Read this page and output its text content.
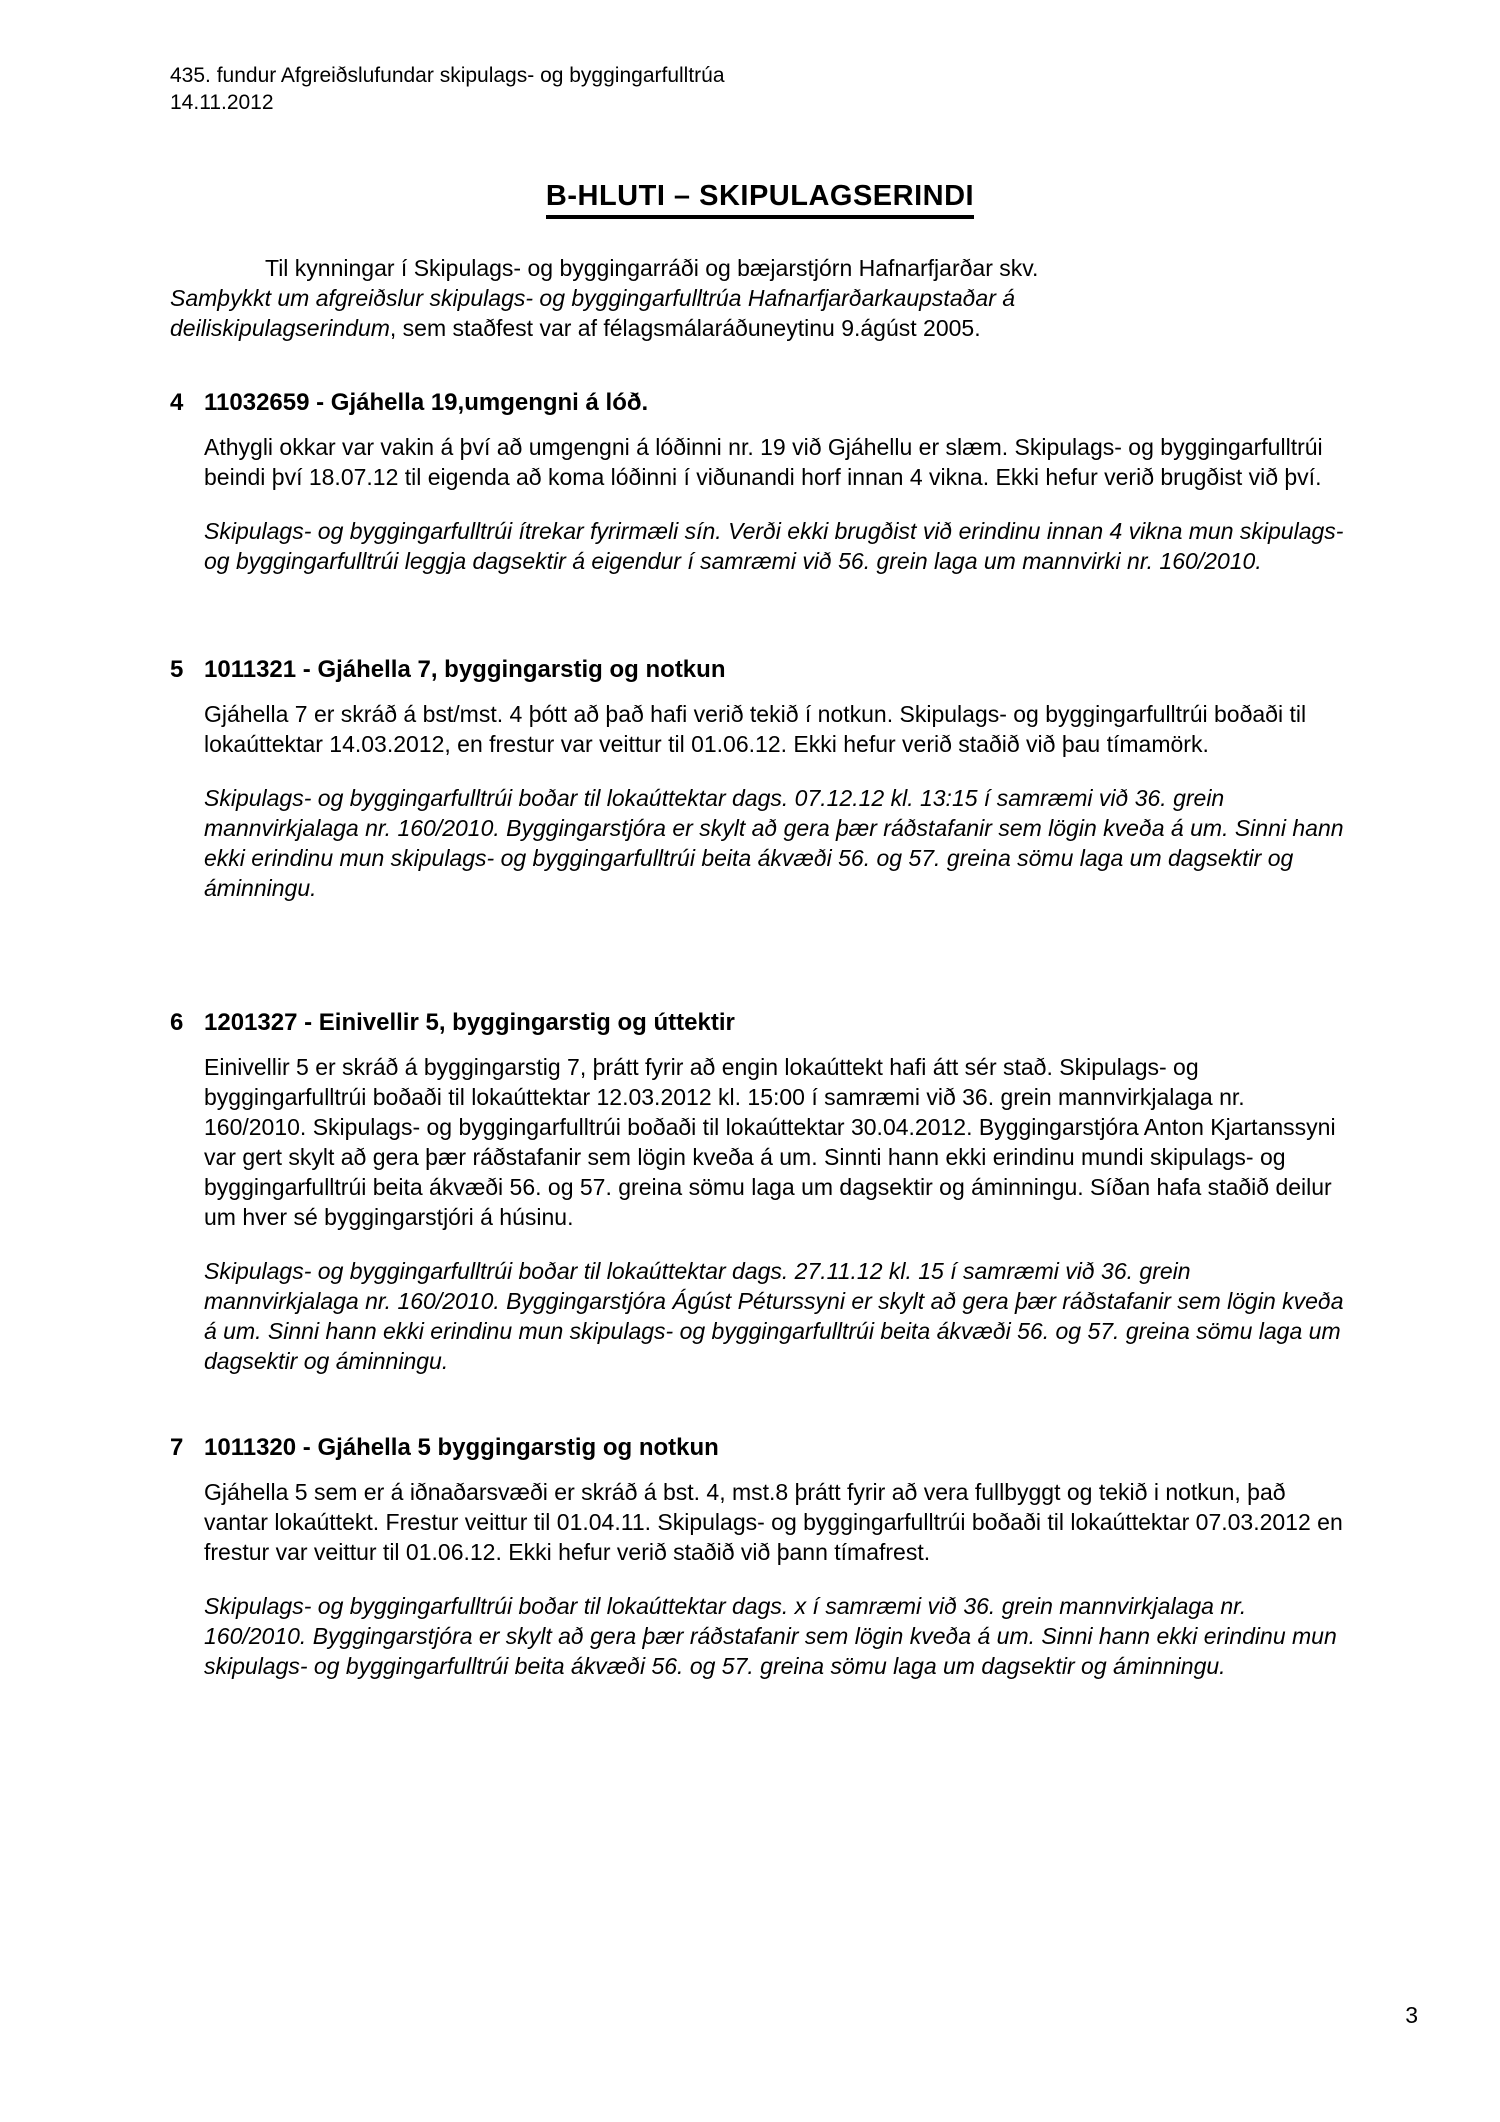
435. fundur Afgreiðslufundar skipulags- og byggingarfulltrúa
14.11.2012
B-HLUTI – SKIPULAGSERINDI
Til kynningar í Skipulags- og byggingarráði og bæjarstjórn Hafnarfjarðar skv.
Samþykkt um afgreiðslur skipulags- og byggingarfulltrúa Hafnarfjarðarkaupstaðar á deiliskipulagserindum, sem staðfest var af félagsmálaráðuneytinu 9.ágúst 2005.
4 11032659 - Gjáhella 19,umgengni á lóð.
Athygli okkar var vakin á því að umgengni á lóðinni nr. 19 við Gjáhellu er slæm. Skipulags- og byggingarfulltrúi beindi því 18.07.12 til eigenda að koma lóðinni í viðunandi horf innan 4 vikna. Ekki hefur verið brugðist við því.
Skipulags- og byggingarfulltrúi ítrekar fyrirmæli sín. Verði ekki brugðist við erindinu innan 4 vikna mun skipulags- og byggingarfulltrúi leggja dagsektir á eigendur í samræmi við 56. grein laga um mannvirki nr. 160/2010.
5 1011321 - Gjáhella 7, byggingarstig og notkun
Gjáhella 7 er skráð á bst/mst. 4 þótt að það hafi verið tekið í notkun. Skipulags- og byggingarfulltrúi boðaði til lokaúttektar 14.03.2012, en frestur var veittur til 01.06.12. Ekki hefur verið staðið við þau tímamörk.
Skipulags- og byggingarfulltrúi boðar til lokaúttektar dags. 07.12.12 kl. 13:15 í samræmi við 36. grein mannvirkjalaga nr. 160/2010. Byggingarstjóra er skylt að gera þær ráðstafanir sem lögin kveða á um. Sinni hann ekki erindinu mun skipulags- og byggingarfulltrúi beita ákvæði 56. og 57. greina sömu laga um dagsektir og áminningu.
6 1201327 - Einivellir 5, byggingarstig og úttektir
Einivellir 5 er skráð á byggingarstig 7, þrátt fyrir að engin lokaúttekt hafi átt sér stað. Skipulags- og byggingarfulltrúi boðaði til lokaúttektar 12.03.2012 kl. 15:00 í samræmi við 36. grein mannvirkjalaga nr. 160/2010. Skipulags- og byggingarfulltrúi boðaði til lokaúttektar 30.04.2012. Byggingarstjóra Anton Kjartanssyni var gert skylt að gera þær ráðstafanir sem lögin kveða á um. Sinnti hann ekki erindinu mundi skipulags- og byggingarfulltrúi beita ákvæði 56. og 57. greina sömu laga um dagsektir og áminningu. Síðan hafa staðið deilur um hver sé byggingarstjóri á húsinu.
Skipulags- og byggingarfulltrúi boðar til lokaúttektar dags. 27.11.12 kl. 15 í samræmi við 36. grein mannvirkjalaga nr. 160/2010. Byggingarstjóra Ágúst Péturssyni er skylt að gera þær ráðstafanir sem lögin kveða á um. Sinni hann ekki erindinu mun skipulags- og byggingarfulltrúi beita ákvæði 56. og 57. greina sömu laga um dagsektir og áminningu.
7 1011320 - Gjáhella 5 byggingarstig og notkun
Gjáhella 5 sem er á iðnaðarsvæði er skráð á bst. 4, mst.8 þrátt fyrir að vera fullbyggt og tekið i notkun, það vantar lokaúttekt. Frestur veittur til 01.04.11. Skipulags- og byggingarfulltrúi boðaði til lokaúttektar 07.03.2012 en frestur var veittur til 01.06.12. Ekki hefur verið staðið við þann tímafrest.
Skipulags- og byggingarfulltrúi boðar til lokaúttektar dags. x í samræmi við 36. grein mannvirkjalaga nr. 160/2010. Byggingarstjóra er skylt að gera þær ráðstafanir sem lögin kveða á um. Sinni hann ekki erindinu mun skipulags- og byggingarfulltrúi beita ákvæði 56. og 57. greina sömu laga um dagsektir og áminningu.
3
